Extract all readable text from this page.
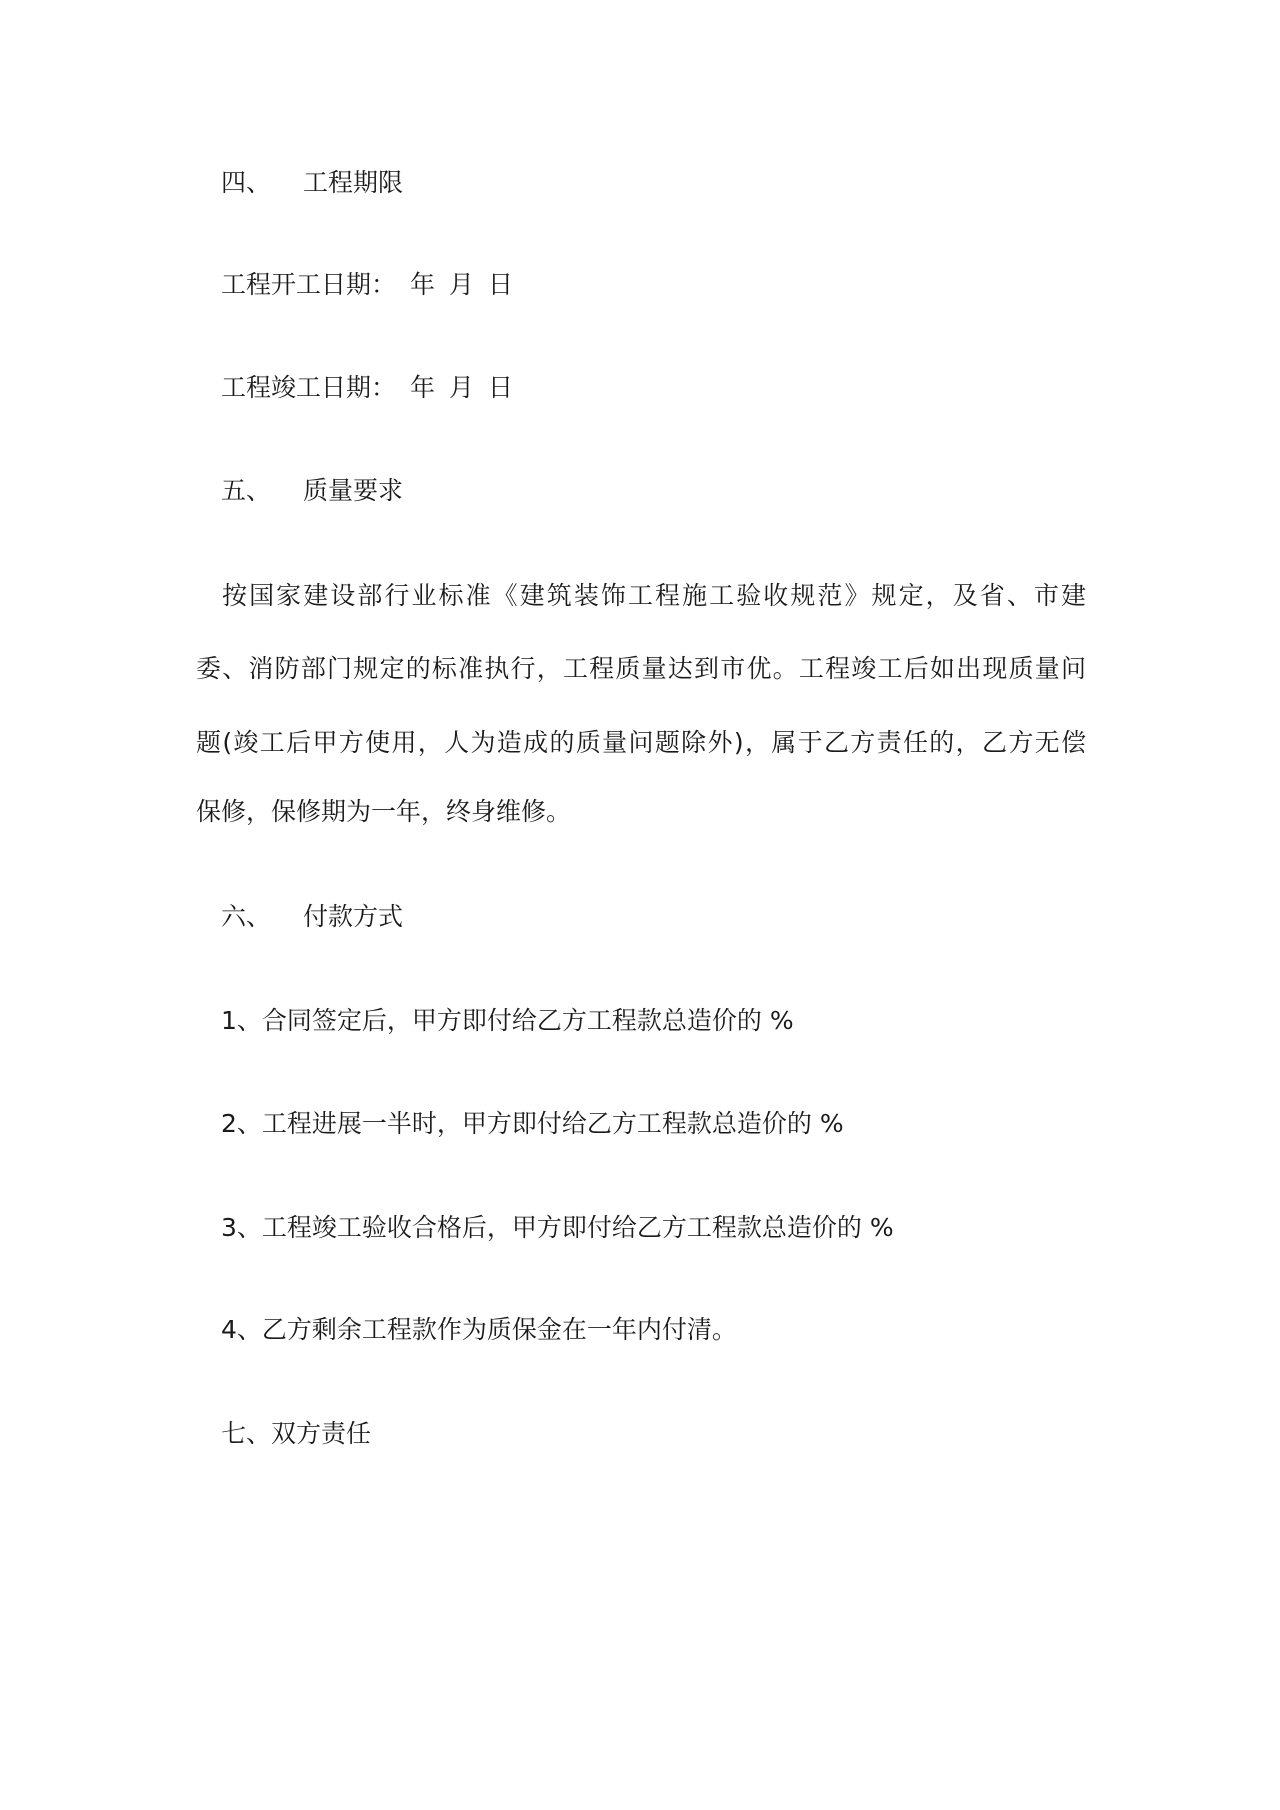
四、 工程期限
工程开工日期： 年 月 日
工程竣工日期： 年 月 日
五、 质量要求
按国家建设部行业标准《建筑装饰工程施工验收规范》规定，及省、市建
委、消防部门规定的标准执行，工程质量达到市优。工程竣工后如出现质量问
题(竣工后甲方使用，人为造成的质量问题除外)，属于乙方责任的，乙方无偿
保修，保修期为一年，终身维修。
六、 付款方式
1、合同签定后，甲方即付给乙方工程款总造价的 %
2、工程进展一半时，甲方即付给乙方工程款总造价的 %
3、工程竣工验收合格后，甲方即付给乙方工程款总造价的 %
4、乙方剩余工程款作为质保金在一年内付清。
七、双方责任
